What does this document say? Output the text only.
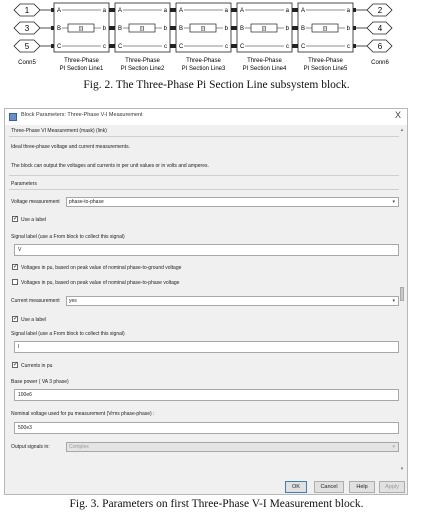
1
3
5
2
4
6
Conn5	Conn6
A
B
C
a
b
c
π
Three-Phase
PI Section Line1
A
B
C
a
b
c
π
Three-Phase
PI Section Line2
A
B
C
a
b
c
π
Three-Phase
PI Section Line3
A
B
C
a
b
c
π
Three-Phase
PI Section Line4
A
B
C
a
b
c
π
Three-Phase
PI Section Line5
Fig. 2. The Three-Phase Pi Section Line subsystem block.
Block Parameters: Three-Phase V-I Measurement	X
Three-Phase VI Measurement (mask) (link)
Ideal three-phase voltage and current measurements.
The block can output the voltages and currents in per unit values or in volts and amperes.
Parameters
Voltage measurement	phase-to-phase	▾
✓ Use a label
Signal label (use a From block to collect this signal)
V
✓ Voltages in pu, based on peak value of nominal phase-to-ground voltage
Voltages in pu, based on peak value of nominal phase-to-phase voltage
Current measurement	yes	▾
✓ Use a label
Signal label (use a From block to collect this signal)
I
✓ Currents in pu
Base power ( VA 3 phase)
100e6
Nominal voltage used for pu measurement (Vrms phase-phase) :
500e3
Output signals in:	Complex	▾
▴
▾
OK	Cancel	Help	Apply
Fig. 3. Parameters on first Three-Phase V-I Measurement block.
